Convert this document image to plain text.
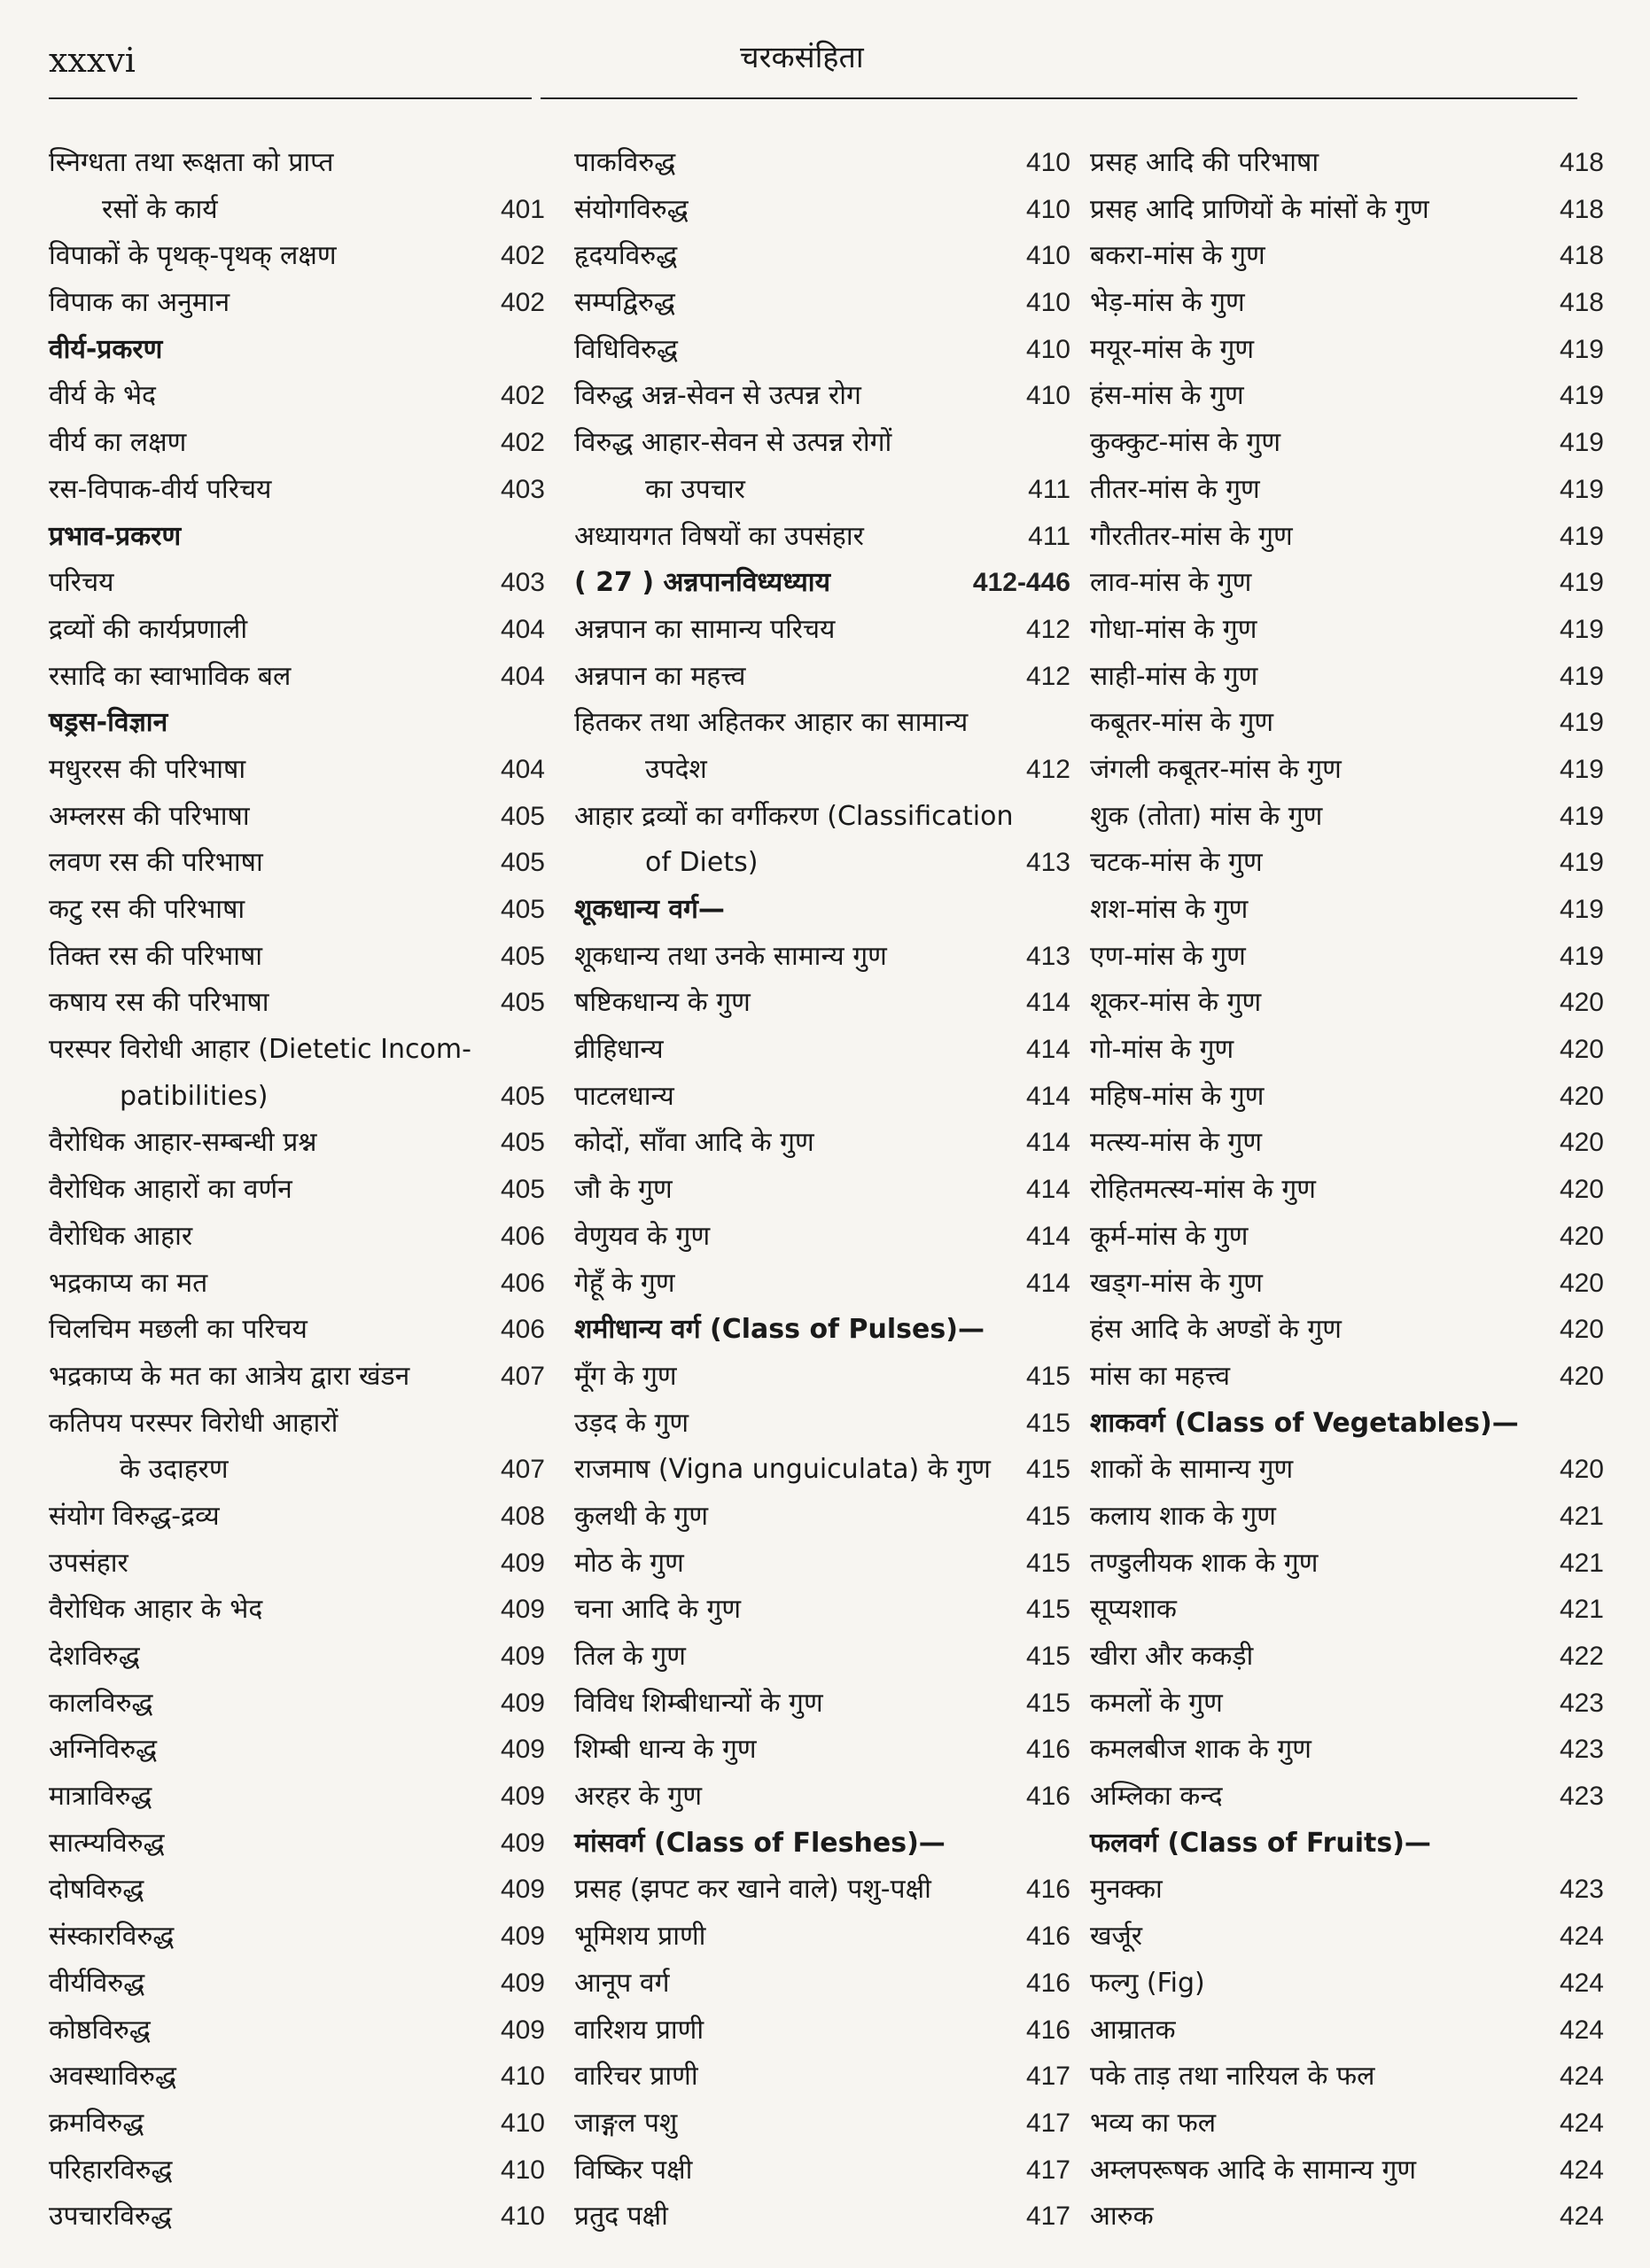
xxxvi	चरकसंहिता
स्निग्धता तथा रूक्षता को प्राप्त
रसों के कार्य	401
विपाकों के पृथक्-पृथक् लक्षण	402
विपाक का अनुमान	402
वीर्य-प्रकरण
वीर्य के भेद	402
वीर्य का लक्षण	402
रस-विपाक-वीर्य परिचय	403
प्रभाव-प्रकरण
परिचय	403
द्रव्यों की कार्यप्रणाली	404
रसादि का स्वाभाविक बल	404
षड्रस-विज्ञान
मधुररस की परिभाषा	404
अम्लरस की परिभाषा	405
लवण रस की परिभाषा	405
कटु रस की परिभाषा	405
तिक्त रस की परिभाषा	405
कषाय रस की परिभाषा	405
परस्पर विरोधी आहार (Dietetic Incom-
patibilities)	405
वैरोधिक आहार-सम्बन्धी प्रश्न	405
वैरोधिक आहारों का वर्णन	405
वैरोधिक आहार	406
भद्रकाप्य का मत	406
चिलचिम मछली का परिचय	406
भद्रकाप्य के मत का आत्रेय द्वारा खंडन	407
कतिपय परस्पर विरोधी आहारों
के उदाहरण	407
संयोग विरुद्ध-द्रव्य	408
उपसंहार	409
वैरोधिक आहार के भेद	409
देशविरुद्ध	409
कालविरुद्ध	409
अग्निविरुद्ध	409
मात्राविरुद्ध	409
सात्म्यविरुद्ध	409
दोषविरुद्ध	409
संस्कारविरुद्ध	409
वीर्यविरुद्ध	409
कोष्ठविरुद्ध	409
अवस्थाविरुद्ध	410
क्रमविरुद्ध	410
परिहारविरुद्ध	410
उपचारविरुद्ध	410
पाकविरुद्ध	410
संयोगविरुद्ध	410
हृदयविरुद्ध	410
सम्पद्विरुद्ध	410
विधिविरुद्ध	410
विरुद्ध अन्न-सेवन से उत्पन्न रोग	410
विरुद्ध आहार-सेवन से उत्पन्न रोगों
का उपचार	411
अध्यायगत विषयों का उपसंहार	411
( 27 ) अन्नपानविध्यध्याय	412-446
अन्नपान का सामान्य परिचय	412
अन्नपान का महत्त्व	412
हितकर तथा अहितकर आहार का सामान्य
उपदेश	412
आहार द्रव्यों का वर्गीकरण (Classification
of Diets)	413
शूकधान्य वर्ग—
शूकधान्य तथा उनके सामान्य गुण	413
षष्टिकधान्य के गुण	414
व्रीहिधान्य	414
पाटलधान्य	414
कोदों, साँवा आदि के गुण	414
जौ के गुण	414
वेणुयव के गुण	414
गेहूँ के गुण	414
शमीधान्य वर्ग (Class of Pulses)—
मूँग के गुण	415
उड़द के गुण	415
राजमाष (Vigna unguiculata) के गुण 415
कुलथी के गुण	415
मोठ के गुण	415
चना आदि के गुण	415
तिल के गुण	415
विविध शिम्बीधान्यों के गुण	415
शिम्बी धान्य के गुण	416
अरहर के गुण	416
मांसवर्ग (Class of Fleshes)—
प्रसह (झपट कर खाने वाले) पशु-पक्षी	416
भूमिशय प्राणी	416
आनूप वर्ग	416
वारिशय प्राणी	416
वारिचर प्राणी	417
जाङ्गल पशु	417
विष्किर पक्षी	417
प्रतुद पक्षी	417
प्रसह आदि की परिभाषा	418
प्रसह आदि प्राणियों के मांसों के गुण	418
बकरा-मांस के गुण	418
भेड़-मांस के गुण	418
मयूर-मांस के गुण	419
हंस-मांस के गुण	419
कुक्कुट-मांस के गुण	419
तीतर-मांस के गुण	419
गौरतीतर-मांस के गुण	419
लाव-मांस के गुण	419
गोधा-मांस के गुण	419
साही-मांस के गुण	419
कबूतर-मांस के गुण	419
जंगली कबूतर-मांस के गुण	419
शुक (तोता) मांस के गुण	419
चटक-मांस के गुण	419
शश-मांस के गुण	419
एण-मांस के गुण	419
शूकर-मांस के गुण	420
गो-मांस के गुण	420
महिष-मांस के गुण	420
मत्स्य-मांस के गुण	420
रोहितमत्स्य-मांस के गुण	420
कूर्म-मांस के गुण	420
खड्ग-मांस के गुण	420
हंस आदि के अण्डों के गुण	420
मांस का महत्त्व	420
शाकवर्ग (Class of Vegetables)—
शाकों के सामान्य गुण	420
कलाय शाक के गुण	421
तण्डुलीयक शाक के गुण	421
सूप्यशाक	421
खीरा और ककड़ी	422
कमलों के गुण	423
कमलबीज शाक के गुण	423
अम्लिका कन्द	423
फलवर्ग (Class of Fruits)—
मुनक्का	423
खर्जूर	424
फल्गु (Fig)	424
आम्रातक	424
पके ताड़ तथा नारियल के फल	424
भव्य का फल	424
अम्लपरूषक आदि के सामान्य गुण	424
आरुक	424
